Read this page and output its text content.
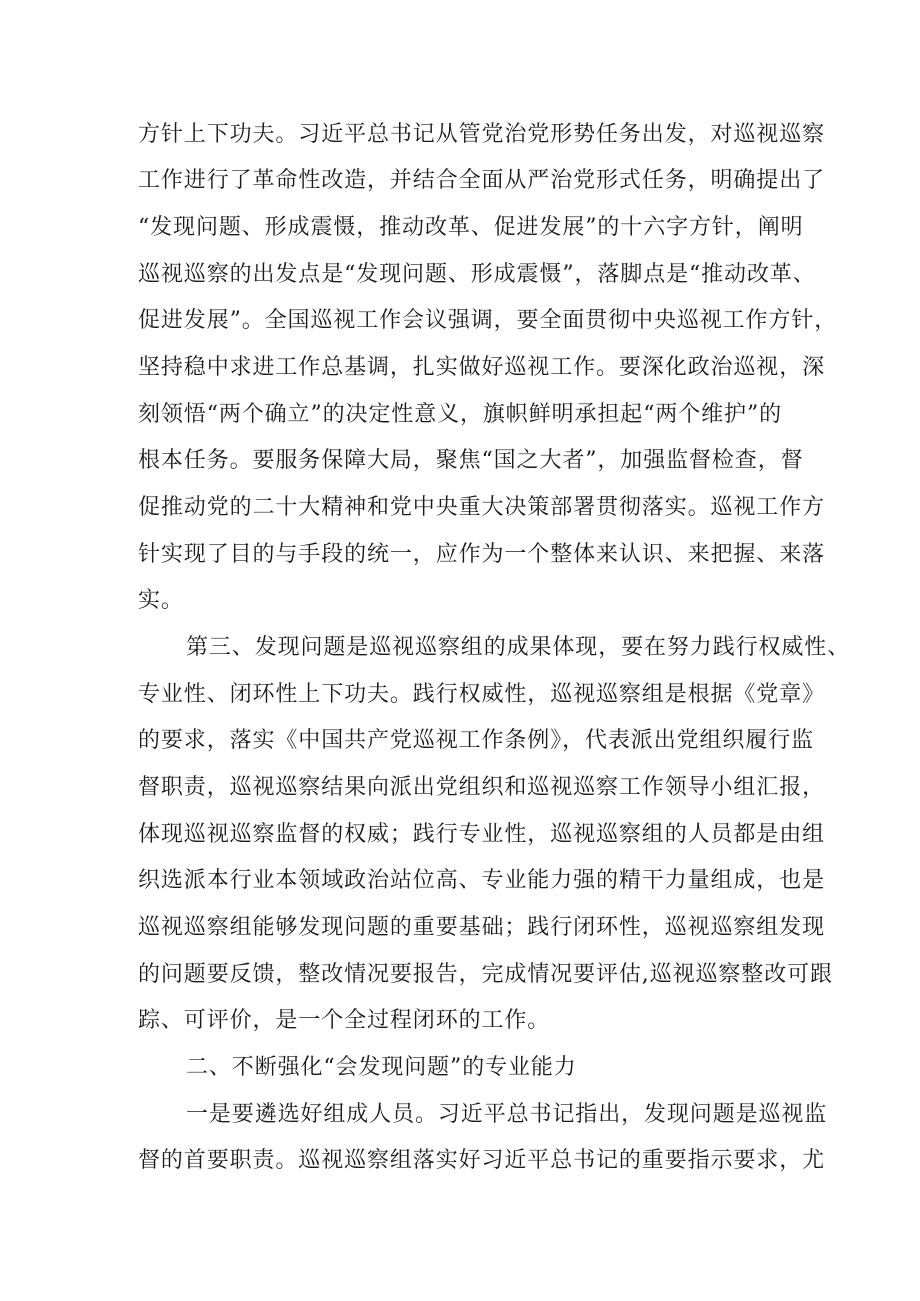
方针上下功夫。习近平总书记从管党治党形势任务出发，对巡视巡察
工作进行了革命性改造，并结合全面从严治党形式任务，明确提出了
“发现问题、形成震慑，推动改革、促进发展”的十六字方针，阐明
巡视巡察的出发点是“发现问题、形成震慑”，落脚点是“推动改革、
促进发展”。全国巡视工作会议强调，要全面贯彻中央巡视工作方针，
坚持稳中求进工作总基调，扎实做好巡视工作。要深化政治巡视，深
刻领悟“两个确立”的决定性意义，旗帜鲜明承担起“两个维护”的
根本任务。要服务保障大局，聚焦“国之大者”，加强监督检查，督
促推动党的二十大精神和党中央重大决策部署贯彻落实。巡视工作方
针实现了目的与手段的统一，应作为一个整体来认识、来把握、来落
实。
第三、发现问题是巡视巡察组的成果体现，要在努力践行权威性、
专业性、闭环性上下功夫。践行权威性，巡视巡察组是根据《党章》
的要求，落实《中国共产党巡视工作条例》，代表派出党组织履行监
督职责，巡视巡察结果向派出党组织和巡视巡察工作领导小组汇报，
体现巡视巡察监督的权威；践行专业性，巡视巡察组的人员都是由组
织选派本行业本领域政治站位高、专业能力强的精干力量组成，也是
巡视巡察组能够发现问题的重要基础；践行闭环性，巡视巡察组发现
的问题要反馈，整改情况要报告，完成情况要评估,巡视巡察整改可跟
踪、可评价，是一个全过程闭环的工作。
二、不断强化“会发现问题”的专业能力
一是要遴选好组成人员。习近平总书记指出，发现问题是巡视监
督的首要职责。巡视巡察组落实好习近平总书记的重要指示要求，尤
